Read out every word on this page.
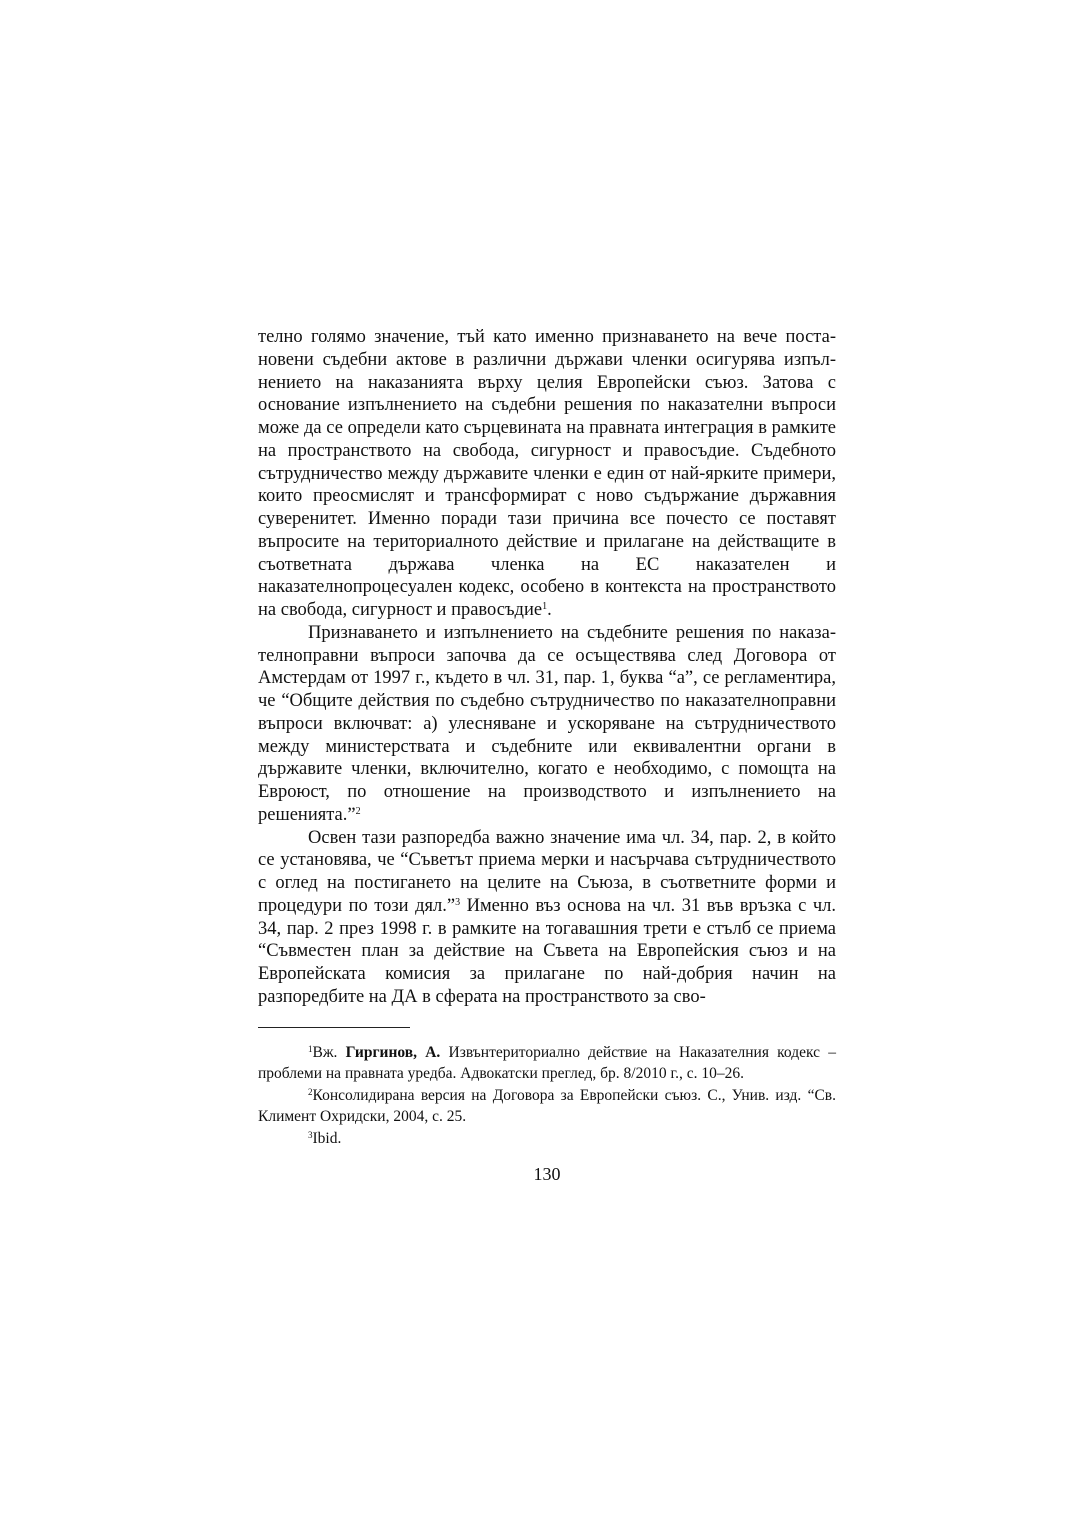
телно голямо значение, тъй като именно признаването на вече постановени съдебни актове в различни държави членки осигурява изпълнението на наказанията върху целия Европейски съюз. Затова с основание изпълнението на съдебни решения по наказателни въпроси може да се определи като сърцевината на правната интеграция в рамките на пространството на свобода, сигурност и правосъдие. Съдебното сътрудничество между държавите членки е един от най-ярките примери, които преосмислят и трансформират с ново съдържание държавния суверенитет. Именно поради тази причина все почесто се поставят въпросите на териториалното действие и прилагане на действащите в съответната държава членка на ЕС наказателен и наказателнопроцесуален кодекс, особено в контекста на пространството на свобода, сигурност и правосъдие$^1$.

Признаването и изпълнението на съдебните решения по наказателноправни въпроси започва да се осъществява след Договора от Амстердам от 1997 г., където в чл. 31, пар. 1, буква “а”, се регламентира, че “Общите действия по съдебно сътрудничество по наказателноправни въпроси включват: а) улесняване и ускоряване на сътрудничеството между министерствата и съдебните или еквивалентни органи в държавите членки, включително, когато е необходимо, с помощта на Евроюст, по отношение на производството и изпълнението на решенията.”$^2$

Освен тази разпоредба важно значение има чл. 34, пар. 2, в който се установява, че “Съветът приема мерки и насърчава сътрудничеството с оглед на постигането на целите на Съюза, в съответните форми и процедури по този дял.”$^3$ Именно въз основа на чл. 31 във връзка с чл. 34, пар. 2 през 1998 г. в рамките на тогавашния трети е стълб се приема “Съвместен план за действие на Съвета на Европейския съюз и на Европейската комисия за прилагане по най-добрия начин на разпоредбите на ДА в сферата на пространството за сво-

$^1$Вж. Гиргинов, А. Извънтериториално действие на Наказателния кодекс – проблеми на правната уредба. Адвокатски преглед, бр. 8/2010 г., с. 10–26.

$^2$Консолидирана версия на Договора за Европейски съюз. С., Унив. изд. “Св. Климент Охридски, 2004, с. 25.

$^3$Ibid.

130
